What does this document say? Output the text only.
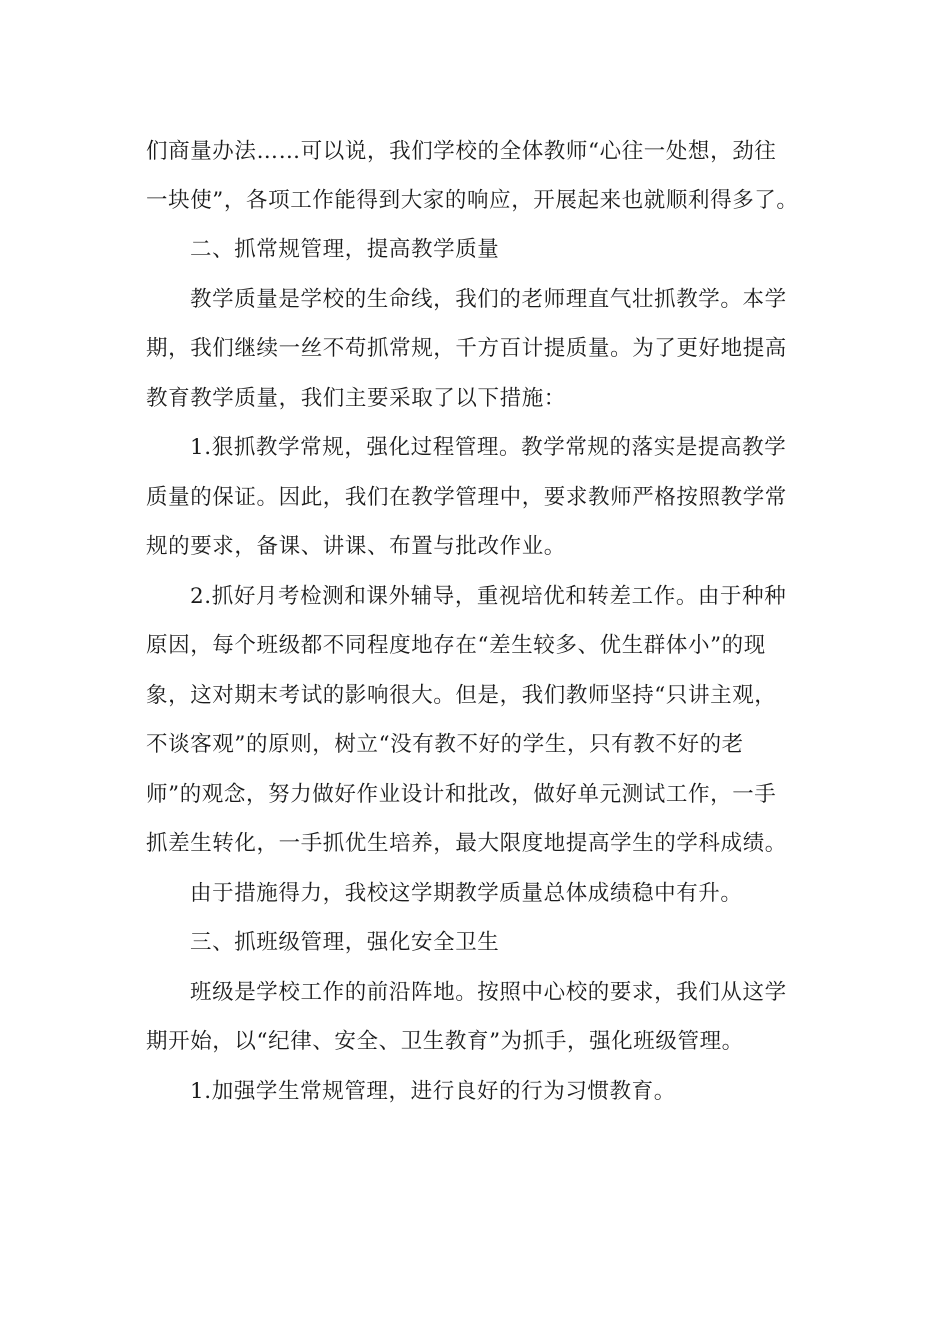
们商量办法……可以说，我们学校的全体教师“心往一处想，劲往
一块使”，各项工作能得到大家的响应，开展起来也就顺利得多了。
二、抓常规管理，提高教学质量
教学质量是学校的生命线，我们的老师理直气壮抓教学。本学
期，我们继续一丝不苟抓常规，千方百计提质量。为了更好地提高
教育教学质量，我们主要采取了以下措施：
1.狠抓教学常规，强化过程管理。教学常规的落实是提高教学
质量的保证。因此，我们在教学管理中，要求教师严格按照教学常
规的要求，备课、讲课、布置与批改作业。
2.抓好月考检测和课外辅导，重视培优和转差工作。由于种种
原因，每个班级都不同程度地存在“差生较多、优生群体小”的现
象，这对期末考试的影响很大。但是，我们教师坚持“只讲主观，
不谈客观”的原则，树立“没有教不好的学生，只有教不好的老
师”的观念，努力做好作业设计和批改，做好单元测试工作，一手
抓差生转化，一手抓优生培养，最大限度地提高学生的学科成绩。
由于措施得力，我校这学期教学质量总体成绩稳中有升。
三、抓班级管理，强化安全卫生
班级是学校工作的前沿阵地。按照中心校的要求，我们从这学
期开始，以“纪律、安全、卫生教育”为抓手，强化班级管理。
1.加强学生常规管理，进行良好的行为习惯教育。
